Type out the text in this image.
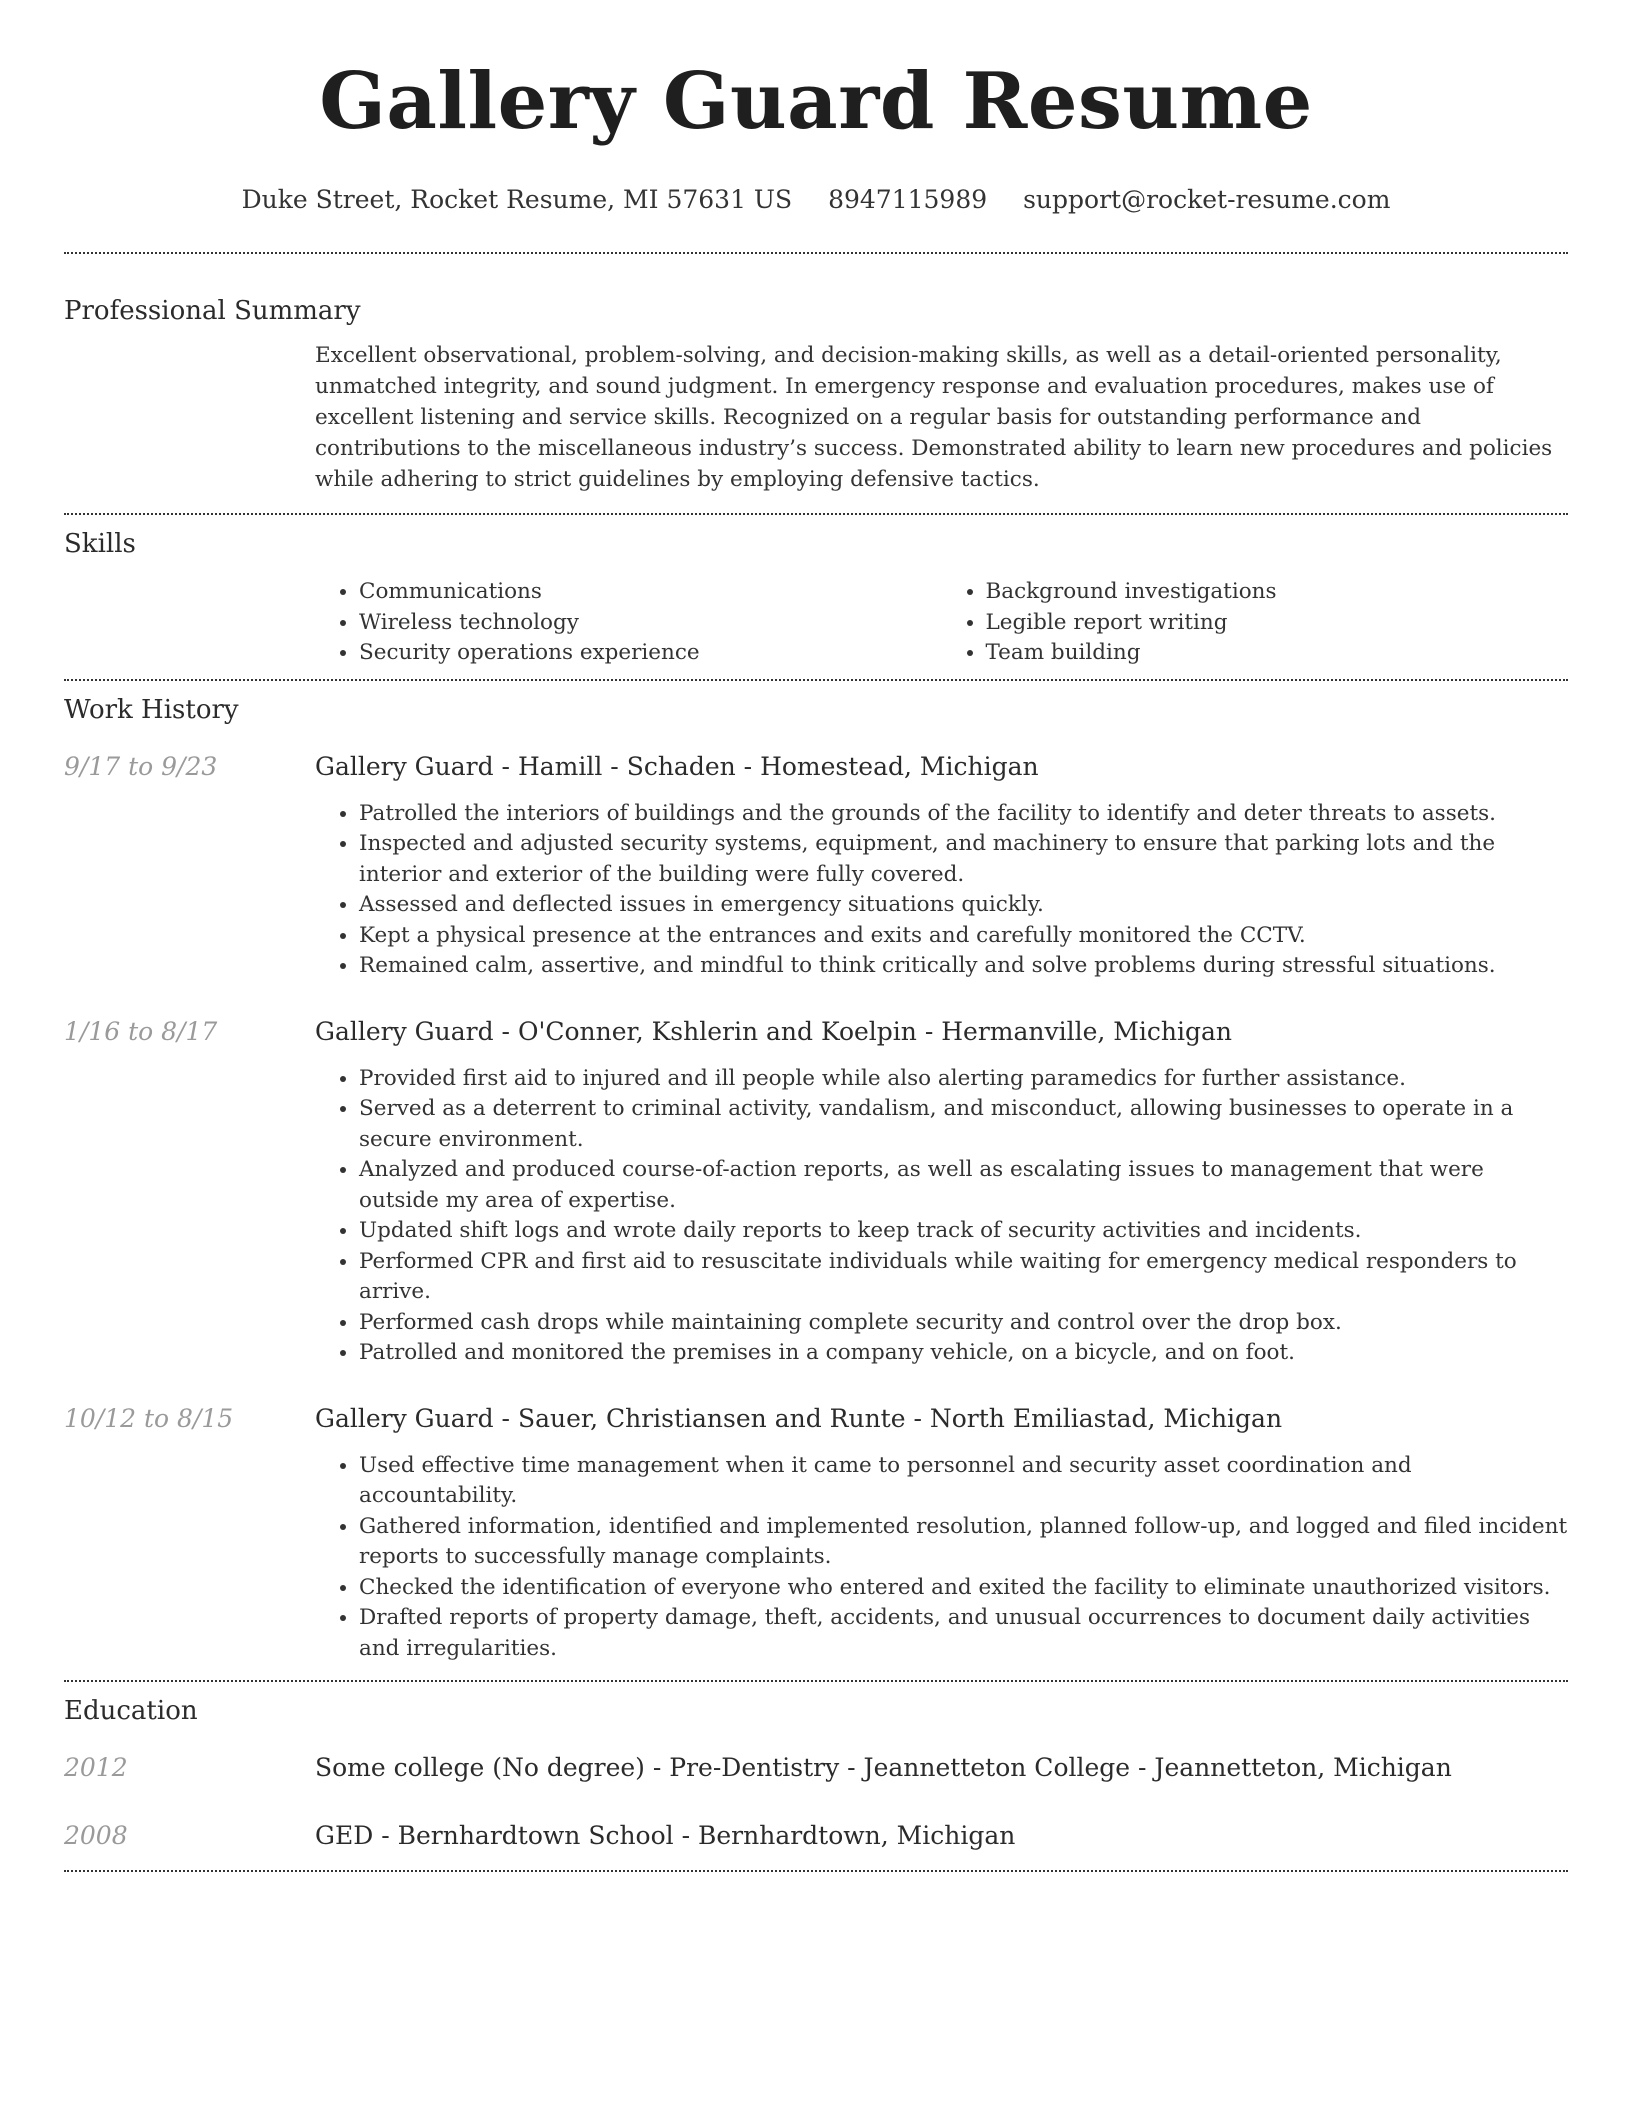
Gallery Guard Resume
Duke Street, Rocket Resume, MI 57631 US 8947115989 support@rocket-resume.com
Professional Summary

Excellent observational, problem-solving, and decision-making skills, as well as a detail-oriented personality, unmatched integrity, and sound judgment. In emergency response and evaluation procedures, makes use of excellent listening and service skills. Recognized on a regular basis for outstanding performance and contributions to the miscellaneous industry’s success. Demonstrated ability to learn new procedures and policies while adhering to strict guidelines by employing defensive tactics.

Skills
• Communications
• Wireless technology
• Security operations experience
• Background investigations
• Legible report writing
• Team building
Work History
9/17 to 9/23	Gallery Guard - Hamill - Schaden - Homestead, Michigan
• Patrolled the interiors of buildings and the grounds of the facility to identify and deter threats to assets.
• Inspected and adjusted security systems, equipment, and machinery to ensure that parking lots and the interior and exterior of the building were fully covered.
• Assessed and deflected issues in emergency situations quickly.
• Kept a physical presence at the entrances and exits and carefully monitored the CCTV.
• Remained calm, assertive, and mindful to think critically and solve problems during stressful situations.
1/16 to 8/17	Gallery Guard - O'Conner, Kshlerin and Koelpin - Hermanville, Michigan
• Provided first aid to injured and ill people while also alerting paramedics for further assistance.
• Served as a deterrent to criminal activity, vandalism, and misconduct, allowing businesses to operate in a secure environment.
• Analyzed and produced course-of-action reports, as well as escalating issues to management that were outside my area of expertise.
• Updated shift logs and wrote daily reports to keep track of security activities and incidents.
• Performed CPR and first aid to resuscitate individuals while waiting for emergency medical responders to arrive.
• Performed cash drops while maintaining complete security and control over the drop box.
• Patrolled and monitored the premises in a company vehicle, on a bicycle, and on foot.
10/12 to 8/15	Gallery Guard - Sauer, Christiansen and Runte - North Emiliastad, Michigan
• Used effective time management when it came to personnel and security asset coordination and accountability.
• Gathered information, identified and implemented resolution, planned follow-up, and logged and filed incident reports to successfully manage complaints.
• Checked the identification of everyone who entered and exited the facility to eliminate unauthorized visitors.
• Drafted reports of property damage, theft, accidents, and unusual occurrences to document daily activities and irregularities.
Education
2012	Some college (No degree) - Pre-Dentistry - Jeannetteton College - Jeannetteton, Michigan
2008	GED - Bernhardtown School - Bernhardtown, Michigan
